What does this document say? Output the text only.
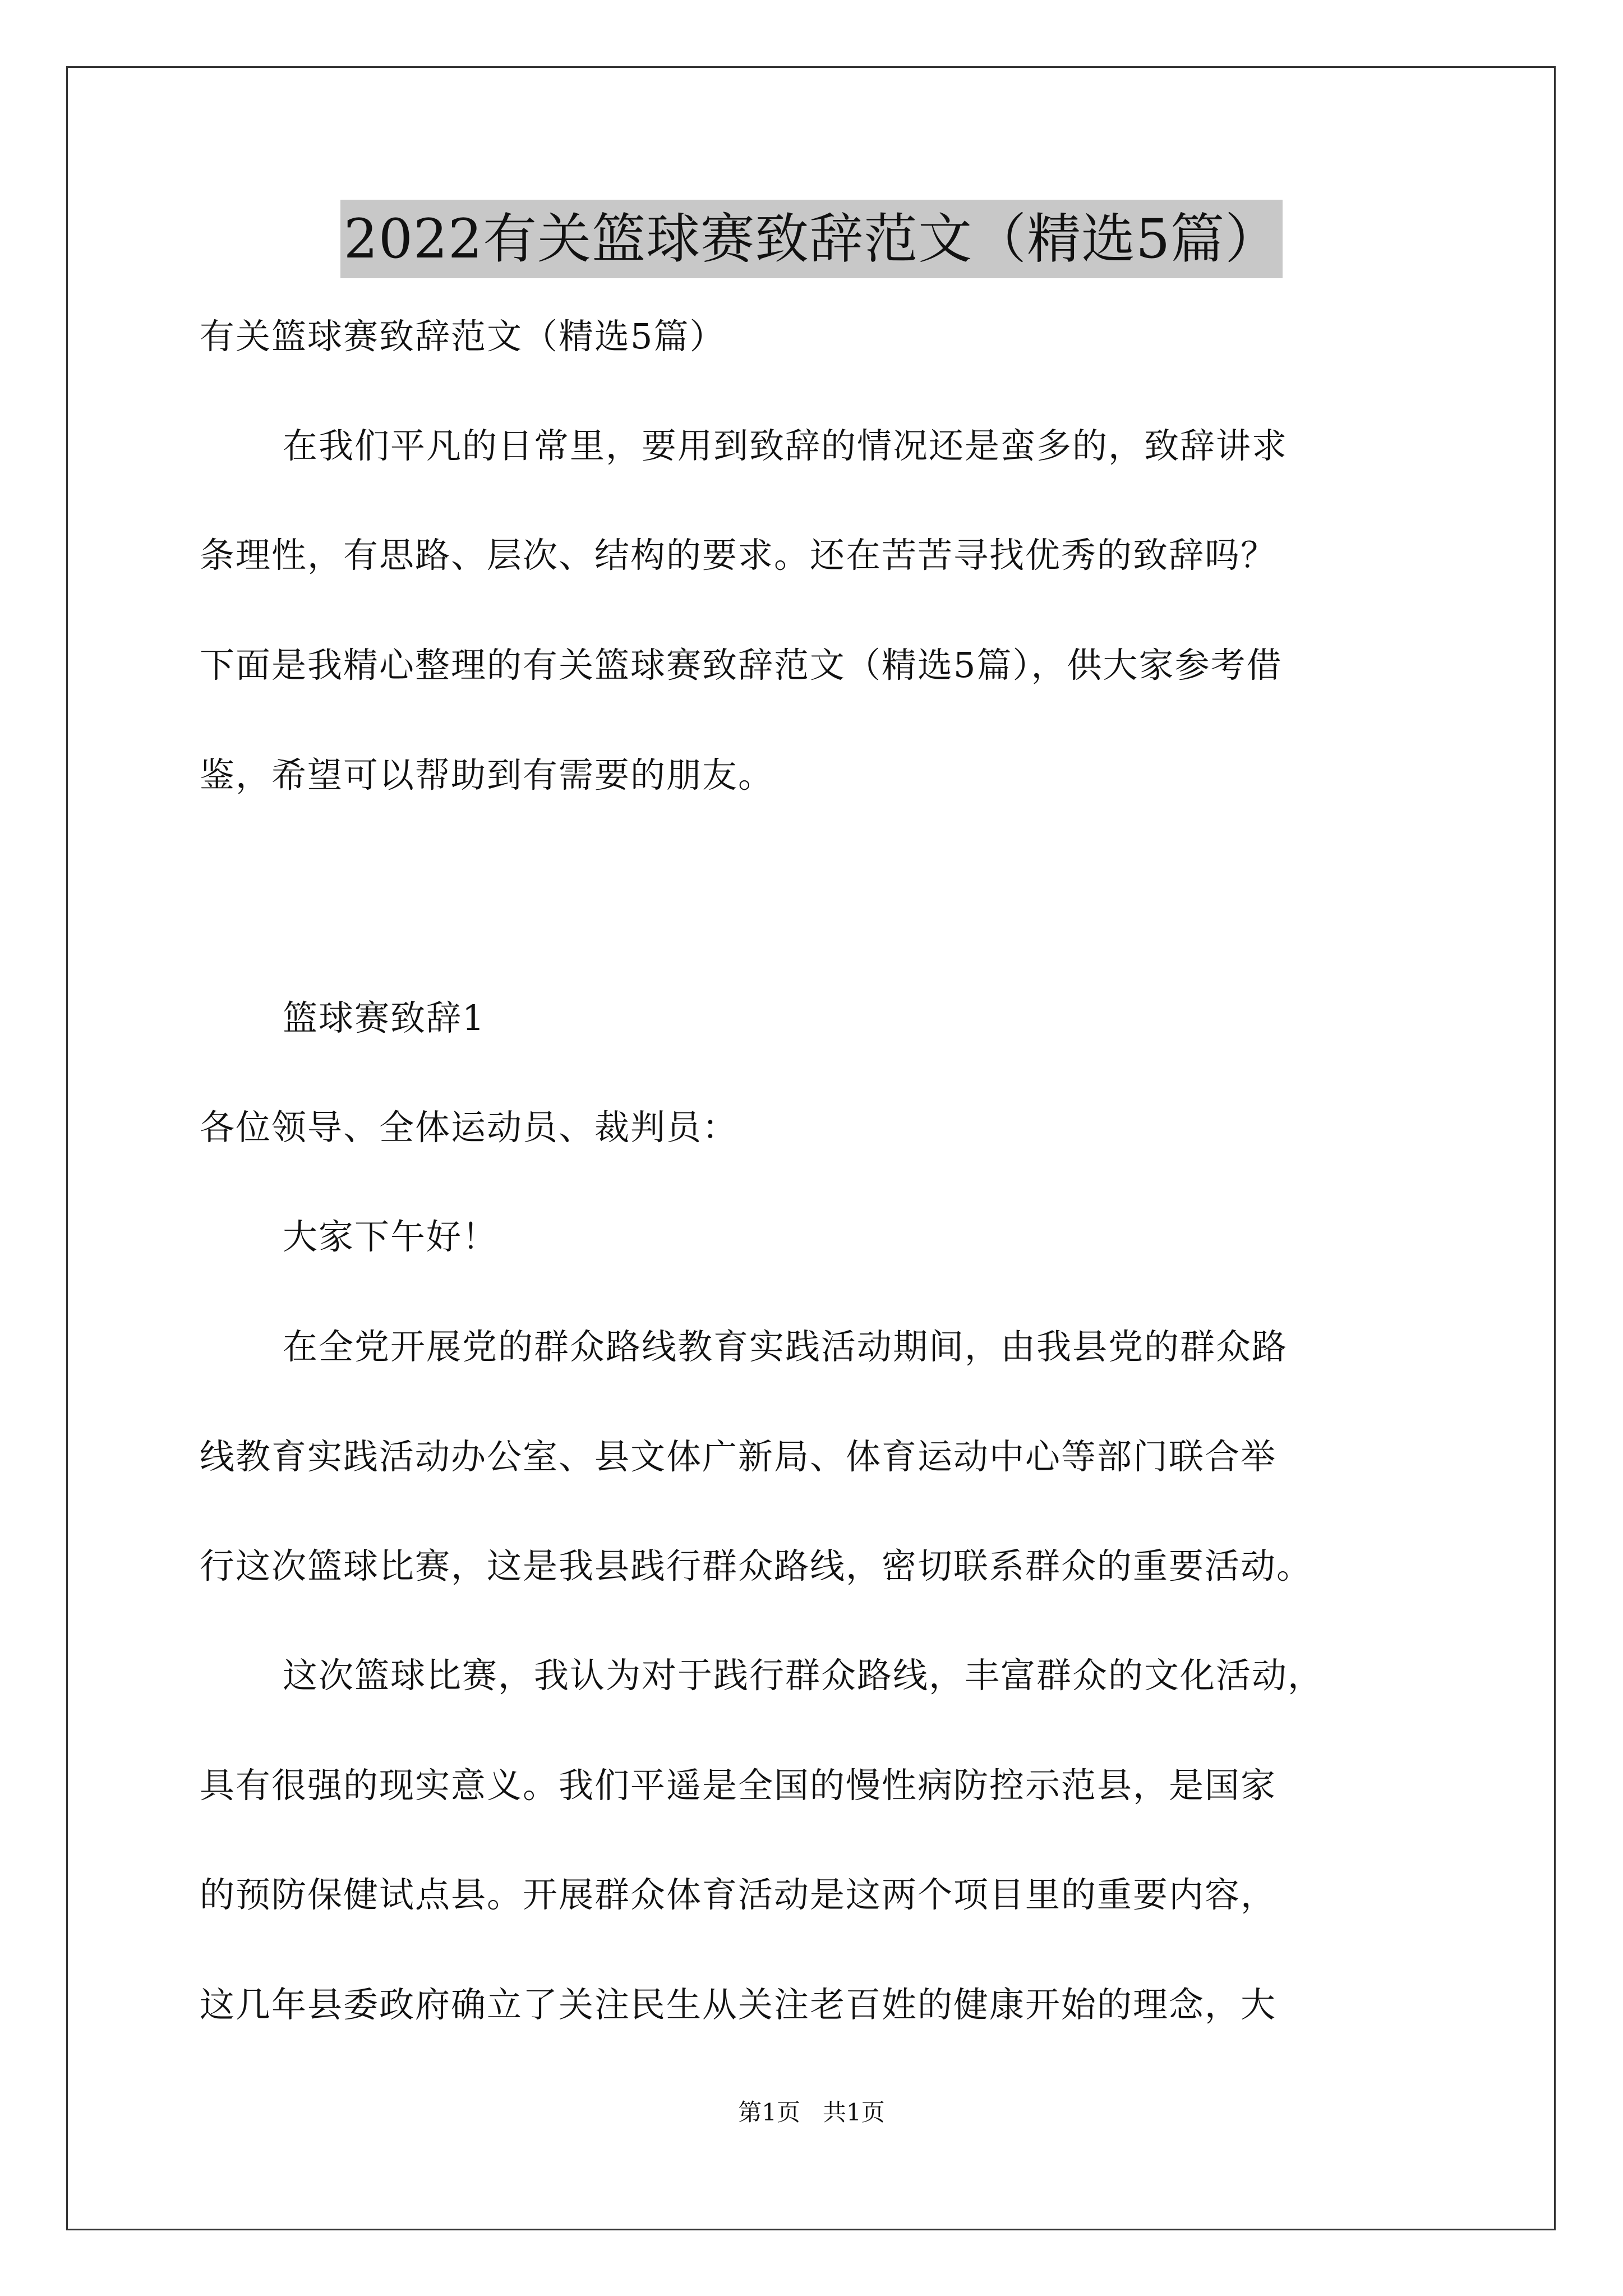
2022有关篮球赛致辞范文（精选5篇）
有关篮球赛致辞范文（精选5篇）
在我们平凡的日常里，要用到致辞的情况还是蛮多的，致辞讲求
条理性，有思路、层次、结构的要求。还在苦苦寻找优秀的致辞吗？
下面是我精心整理的有关篮球赛致辞范文（精选5篇），供大家参考借
鉴，希望可以帮助到有需要的朋友。
篮球赛致辞1
各位领导、全体运动员、裁判员：
大家下午好！
在全党开展党的群众路线教育实践活动期间，由我县党的群众路
线教育实践活动办公室、县文体广新局、体育运动中心等部门联合举
行这次篮球比赛，这是我县践行群众路线，密切联系群众的重要活动。
这次篮球比赛，我认为对于践行群众路线，丰富群众的文化活动，
具有很强的现实意义。我们平遥是全国的慢性病防控示范县，是国家
的预防保健试点县。开展群众体育活动是这两个项目里的重要内容，
这几年县委政府确立了关注民生从关注老百姓的健康开始的理念，大
第1页   共1页
